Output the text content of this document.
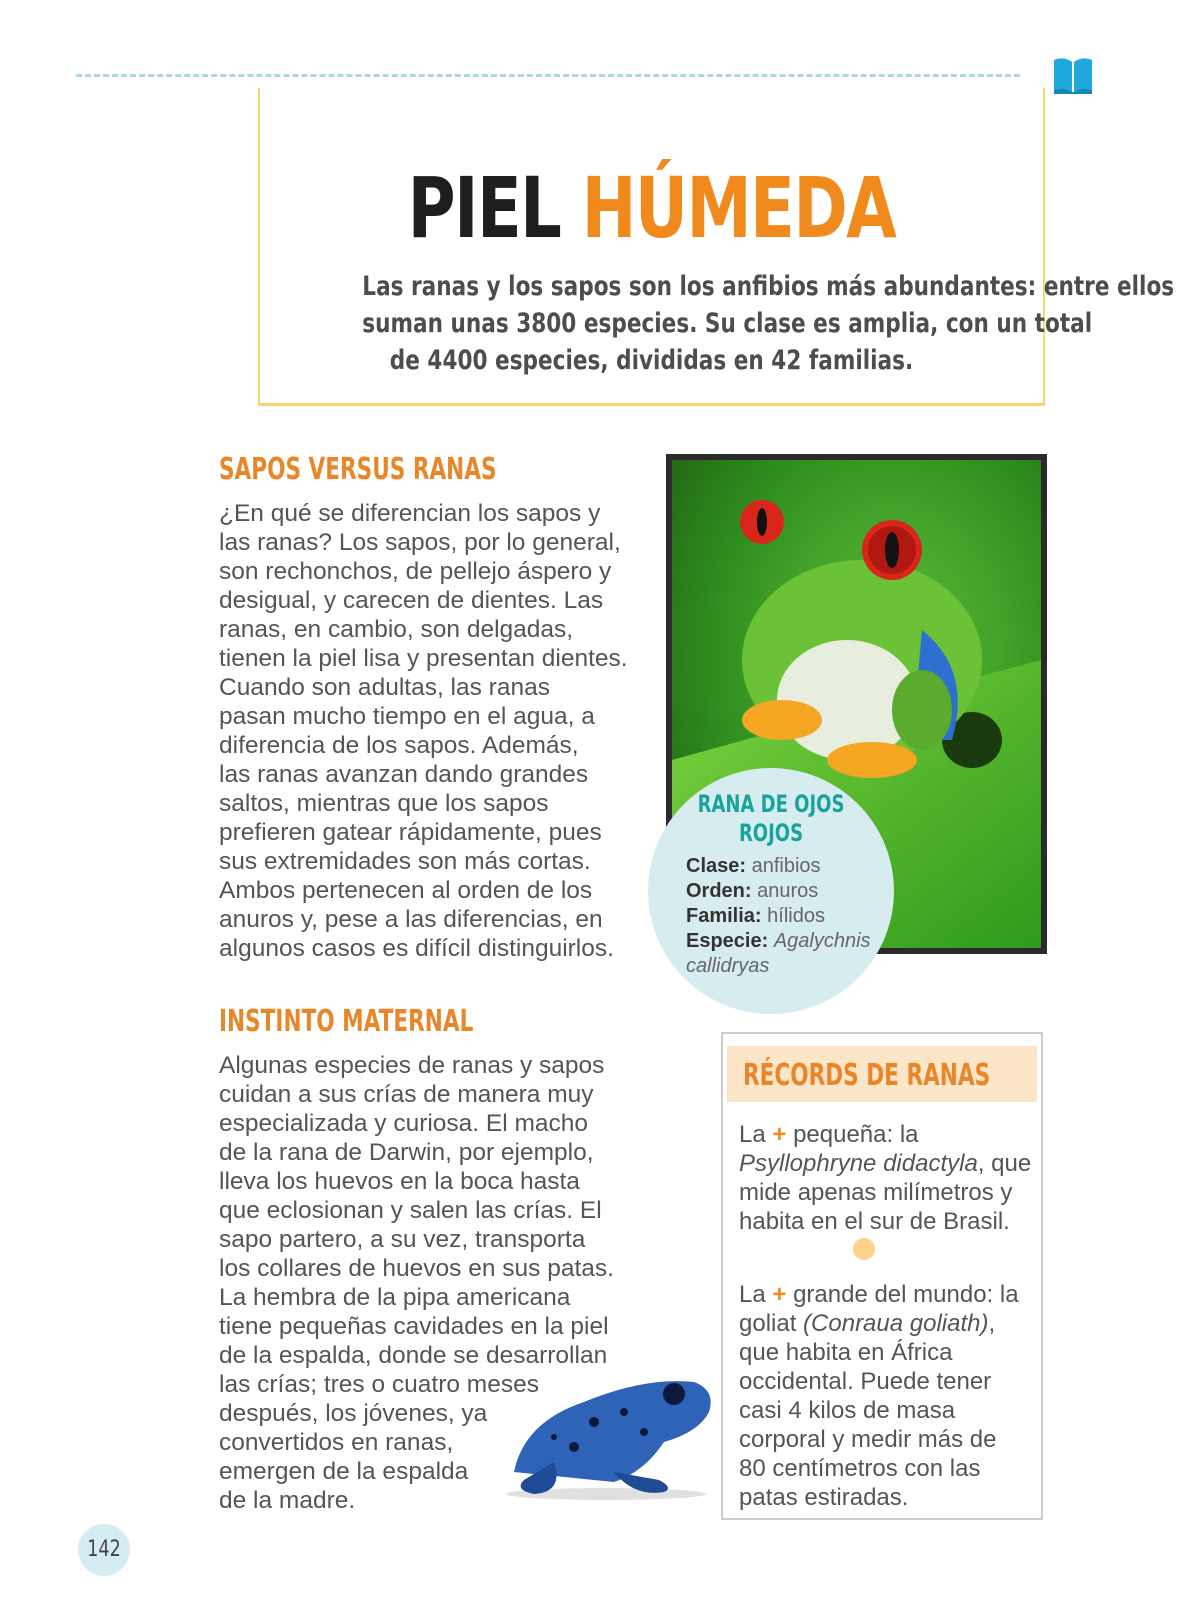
PIEL HÚMEDA
Las ranas y los sapos son los anfibios más abundantes: entre ellos
suman unas 3800 especies. Su clase es amplia, con un total
de 4400 especies, divididas en 42 familias.
SAPOS VERSUS RANAS
¿En qué se diferencian los sapos y
las ranas? Los sapos, por lo general,
son rechonchos, de pellejo áspero y
desigual, y carecen de dientes. Las
ranas, en cambio, son delgadas,
tienen la piel lisa y presentan dientes.
Cuando son adultas, las ranas
pasan mucho tiempo en el agua, a
diferencia de los sapos. Además,
las ranas avanzan dando grandes
saltos, mientras que los sapos
prefieren gatear rápidamente, pues
sus extremidades son más cortas.
Ambos pertenecen al orden de los
anuros y, pese a las diferencias, en
algunos casos es difícil distinguirlos.
RANA DE OJOS
ROJOS
Clase: anfibios
Orden: anuros
Familia: hílidos
Especie: Agalychnis
callidryas
INSTINTO MATERNAL
Algunas especies de ranas y sapos
cuidan a sus crías de manera muy
especializada y curiosa. El macho
de la rana de Darwin, por ejemplo,
lleva los huevos en la boca hasta
que eclosionan y salen las crías. El
sapo partero, a su vez, transporta
los collares de huevos en sus patas.
La hembra de la pipa americana
tiene pequeñas cavidades en la piel
de la espalda, donde se desarrollan
las crías; tres o cuatro meses
después, los jóvenes, ya
convertidos en ranas,
emergen de la espalda
de la madre.
RÉCORDS DE RANAS
La + pequeña: la
Psyllophryne didactyla, que
mide apenas milímetros y
habita en el sur de Brasil.
La + grande del mundo: la
goliat (Conraua goliath),
que habita en África
occidental. Puede tener
casi 4 kilos de masa
corporal y medir más de
80 centímetros con las
patas estiradas.
142
